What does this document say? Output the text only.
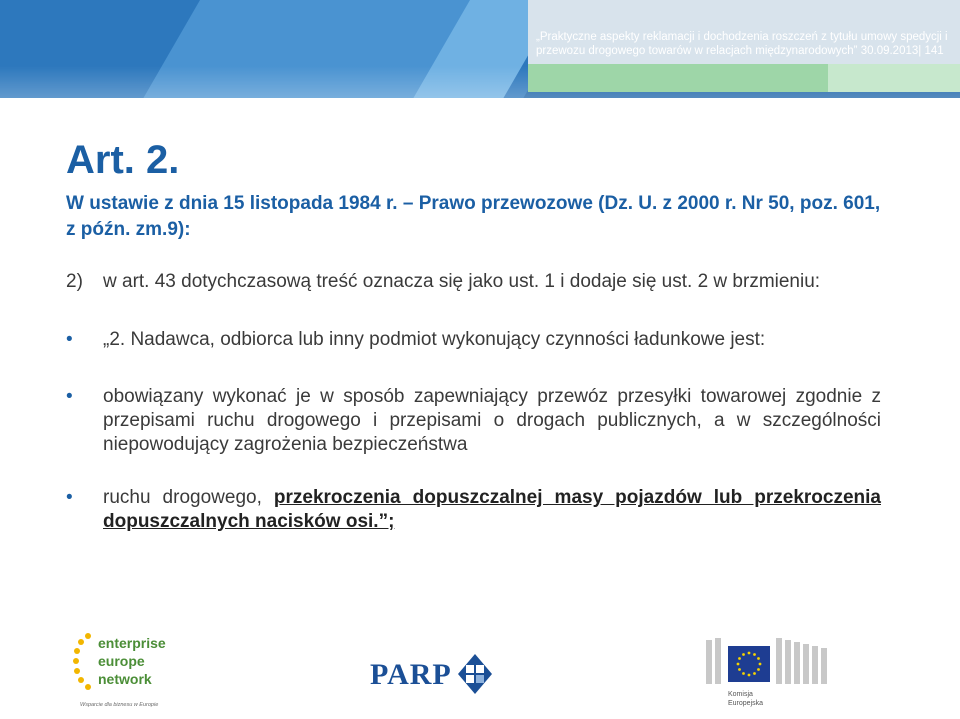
„Praktyczne aspekty reklamacji i dochodzenia roszczeń z tytułu umowy spedycji i przewozu drogowego towarów w relacjach międzynarodowych” 30.09.2013| 141
Art. 2.
W ustawie z dnia 15 listopada 1984 r. – Prawo przewozowe (Dz. U. z 2000 r. Nr 50, poz. 601, z późn. zm.9):
2) w art. 43 dotychczasową treść oznacza się jako ust. 1 i dodaje się ust. 2 w brzmieniu:
• „2. Nadawca, odbiorca lub inny podmiot wykonujący czynności ładunkowe jest:
• obowiązany wykonać je w sposób zapewniający przewóz przesyłki towarowej zgodnie z przepisami ruchu drogowego i przepisami o drogach publicznych, a w szczególności niepowodujący zagrożenia bezpieczeństwa
• ruchu drogowego, przekroczenia dopuszczalnej masy pojazdów lub przekroczenia dopuszczalnych nacisków osi.”;
enterprise
europe
network
Wsparcie dla biznesu w Europie
PARP
Komisja
Europejska
